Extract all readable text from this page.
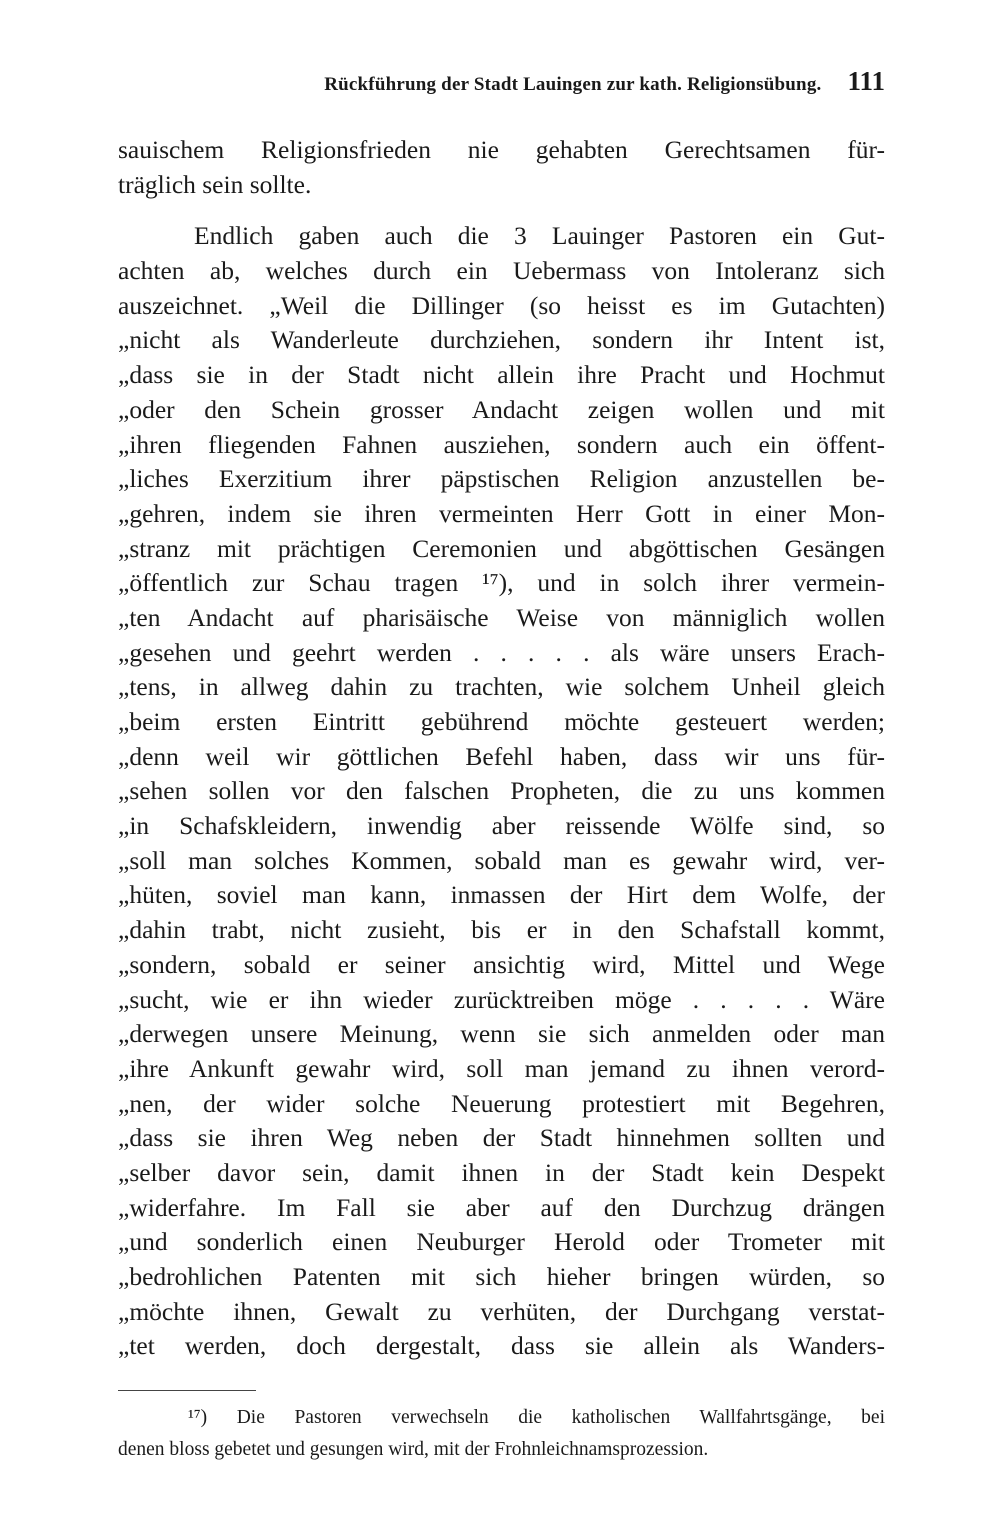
Rückführung der Stadt Lauingen zur kath. Religionsübung. 111
sauischem Religionsfrieden nie gehabten Gerechtsamen für-
träglich sein sollte.
Endlich gaben auch die 3 Lauinger Pastoren ein Gut-
achten ab, welches durch ein Uebermass von Intoleranz sich
auszeichnet. „Weil die Dillinger (so heisst es im Gutachten)
„nicht als Wanderleute durchziehen, sondern ihr Intent ist,
„dass sie in der Stadt nicht allein ihre Pracht und Hochmut
„oder den Schein grosser Andacht zeigen wollen und mit
„ihren fliegenden Fahnen ausziehen, sondern auch ein öffent-
„liches Exerzitium ihrer päpstischen Religion anzustellen be-
„gehren, indem sie ihren vermeinten Herr Gott in einer Mon-
„stranz mit prächtigen Ceremonien und abgöttischen Gesängen
„öffentlich zur Schau tragen ¹⁷), und in solch ihrer vermein-
„ten Andacht auf pharisäische Weise von männiglich wollen
„gesehen und geehrt werden . . . . . als wäre unsers Erach-
„tens, in allweg dahin zu trachten, wie solchem Unheil gleich
„beim ersten Eintritt gebührend möchte gesteuert werden;
„denn weil wir göttlichen Befehl haben, dass wir uns für-
„sehen sollen vor den falschen Propheten, die zu uns kommen
„in Schafskleidern, inwendig aber reissende Wölfe sind, so
„soll man solches Kommen, sobald man es gewahr wird, ver-
„hüten, soviel man kann, inmassen der Hirt dem Wolfe, der
„dahin trabt, nicht zusieht, bis er in den Schafstall kommt,
„sondern, sobald er seiner ansichtig wird, Mittel und Wege
„sucht, wie er ihn wieder zurücktreiben möge . . . . . Wäre
„derwegen unsere Meinung, wenn sie sich anmelden oder man
„ihre Ankunft gewahr wird, soll man jemand zu ihnen verord-
„nen, der wider solche Neuerung protestiert mit Begehren,
„dass sie ihren Weg neben der Stadt hinnehmen sollten und
„selber davor sein, damit ihnen in der Stadt kein Despekt
„widerfahre. Im Fall sie aber auf den Durchzug drängen
„und sonderlich einen Neuburger Herold oder Trometer mit
„bedrohlichen Patenten mit sich hieher bringen würden, so
„möchte ihnen, Gewalt zu verhüten, der Durchgang verstat-
„tet werden, doch dergestalt, dass sie allein als Wanders-
¹⁷) Die Pastoren verwechseln die katholischen Wallfahrtsgänge, bei
denen bloss gebetet und gesungen wird, mit der Frohnleichnamsprozession.
